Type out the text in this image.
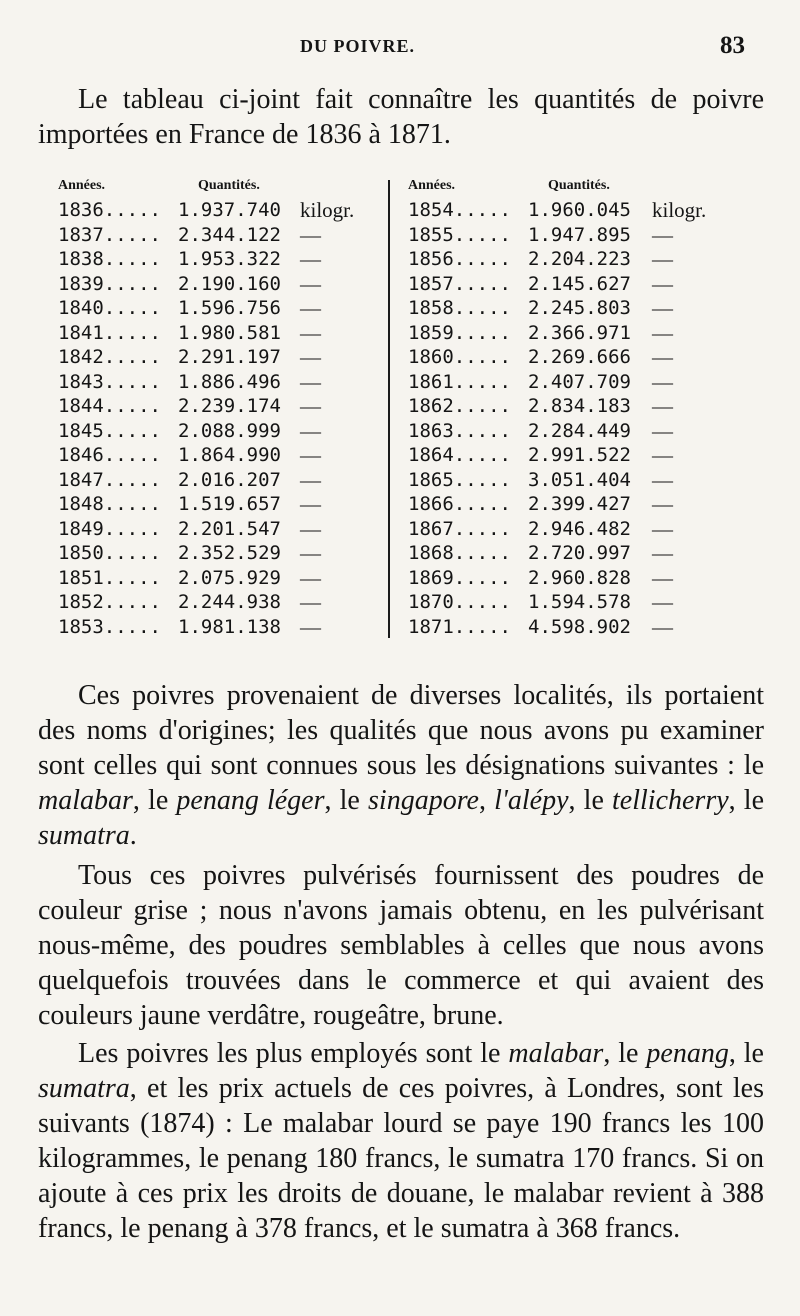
DU POIVRE.	83

Le tableau ci-joint fait connaître les quantités de poivre importées en France de 1836 à 1871.

Années.	Quantités.
1836..... 1.937.740 kilogr.
1837..... 2.344.122 —
1838..... 1.953.322 —
1839..... 2.190.160 —
1840..... 1.596.756 —
1841..... 1.980.581 —
1842..... 2.291.197 —
1843..... 1.886.496 —
1844..... 2.239.174 —
1845..... 2.088.999 —
1846..... 1.864.990 —
1847..... 2.016.207 —
1848..... 1.519.657 —
1849..... 2.201.547 —
1850..... 2.352.529 —
1851..... 2.075.929 —
1852..... 2.244.938 —
1853..... 1.981.138 —
Années.	Quantités.
1854..... 1.960.045 kilogr.
1855..... 1.947.895 —
1856..... 2.204.223 —
1857..... 2.145.627 —
1858..... 2.245.803 —
1859..... 2.366.971 —
1860..... 2.269.666 —
1861..... 2.407.709 —
1862..... 2.834.183 —
1863..... 2.284.449 —
1864..... 2.991.522 —
1865..... 3.051.404 —
1866..... 2.399.427 —
1867..... 2.946.482 —
1868..... 2.720.997 —
1869..... 2.960.828 —
1870..... 1.594.578 —
1871..... 4.598.902 —

Ces poivres provenaient de diverses localités, ils portaient des noms d'origines; les qualités que nous avons pu examiner sont celles qui sont connues sous les désignations suivantes : le malabar, le penang léger, le singapore, l'alépy, le tellicherry, le sumatra.

Tous ces poivres pulvérisés fournissent des poudres de couleur grise ; nous n'avons jamais obtenu, en les pulvérisant nous-même, des poudres semblables à celles que nous avons quelquefois trouvées dans le commerce et qui avaient des couleurs jaune verdâtre, rougeâtre, brune.

Les poivres les plus employés sont le malabar, le penang, le sumatra, et les prix actuels de ces poivres, à Londres, sont les suivants (1874) : Le malabar lourd se paye 190 francs les 100 kilogrammes, le penang 180 francs, le sumatra 170 francs. Si on ajoute à ces prix les droits de douane, le malabar revient à 388 francs, le penang à 378 francs, et le sumatra à 368 francs.
